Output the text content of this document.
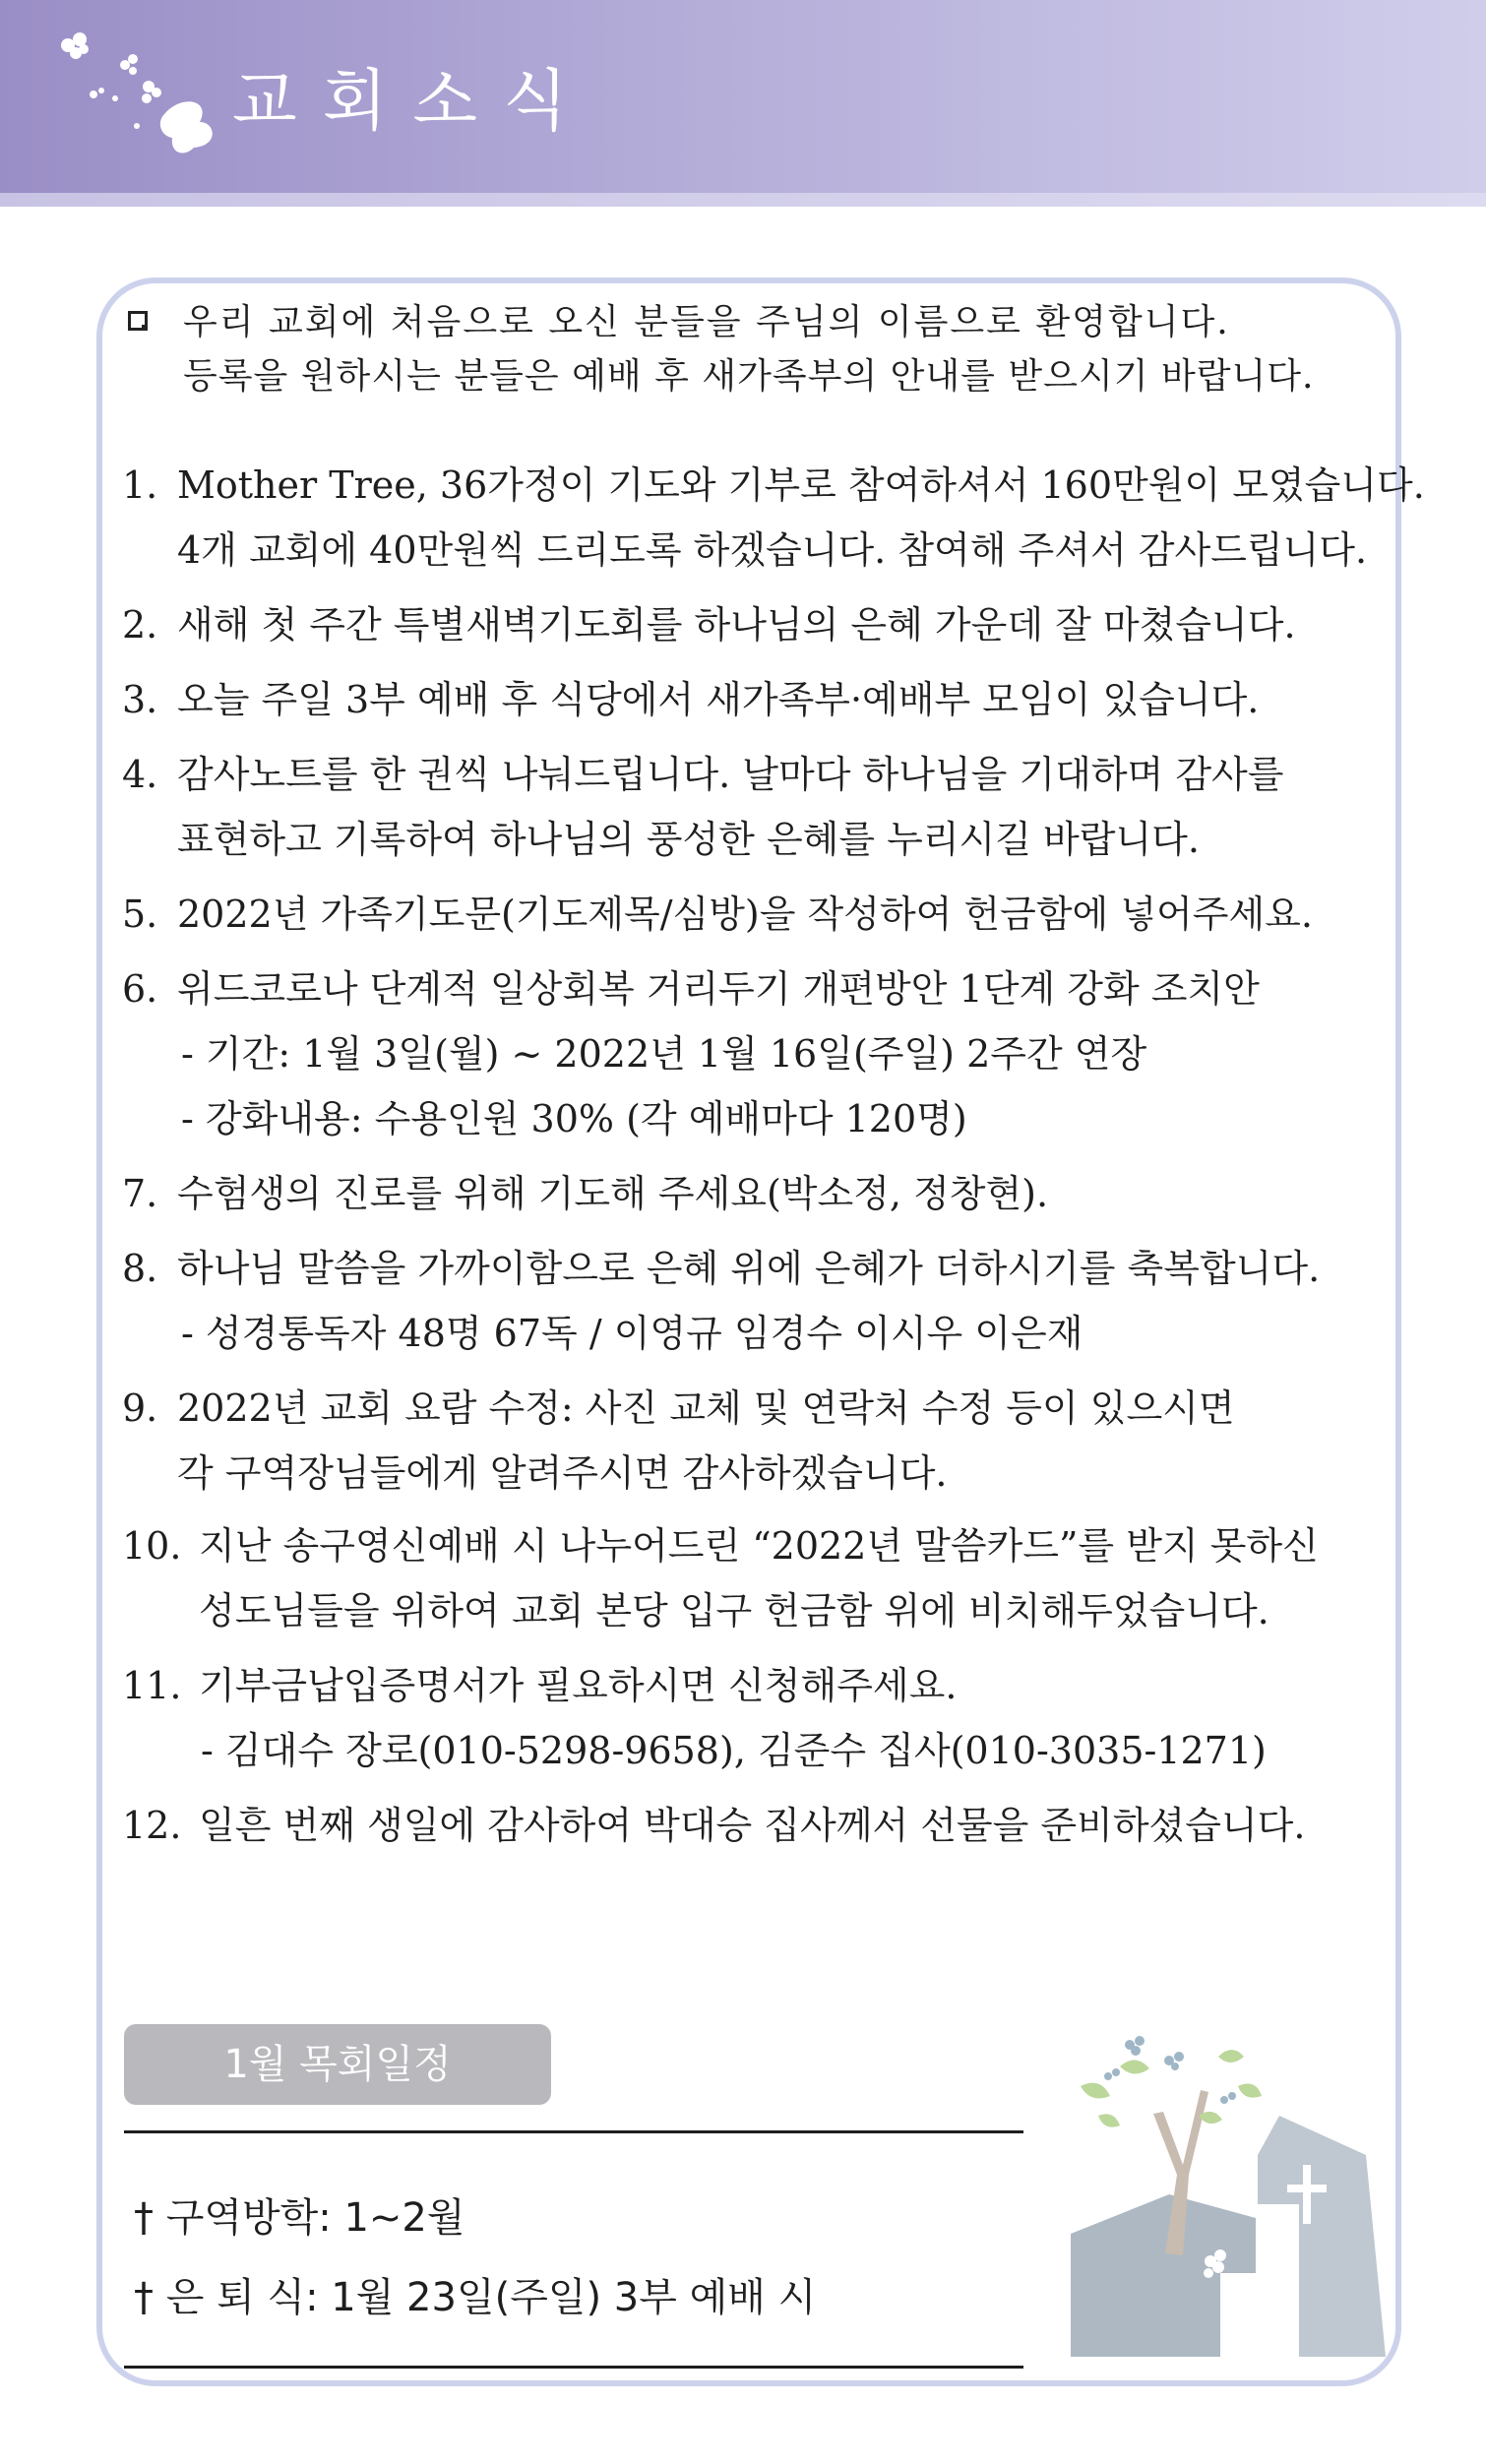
교회소식
우리 교회에 처음으로 오신 분들을 주님의 이름으로 환영합니다.
등록을 원하시는 분들은 예배 후 새가족부의 안내를 받으시기 바랍니다.
1. Mother Tree, 36가정이 기도와 기부로 참여하셔서 160만원이 모였습니다.
4개 교회에 40만원씩 드리도록 하겠습니다. 참여해 주셔서 감사드립니다.
2. 새해 첫 주간 특별새벽기도회를 하나님의 은혜 가운데 잘 마쳤습니다.
3. 오늘 주일 3부 예배 후 식당에서 새가족부·예배부 모임이 있습니다.
4. 감사노트를 한 권씩 나눠드립니다. 날마다 하나님을 기대하며 감사를
표현하고 기록하여 하나님의 풍성한 은혜를 누리시길 바랍니다.
5. 2022년 가족기도문(기도제목/심방)을 작성하여 헌금함에 넣어주세요.
6. 위드코로나 단계적 일상회복 거리두기 개편방안 1단계 강화 조치안
- 기간: 1월 3일(월) ~ 2022년 1월 16일(주일) 2주간 연장
- 강화내용: 수용인원 30% (각 예배마다 120명)
7. 수험생의 진로를 위해 기도해 주세요(박소정, 정창현).
8. 하나님 말씀을 가까이함으로 은혜 위에 은혜가 더하시기를 축복합니다.
- 성경통독자 48명 67독 / 이영규 임경수 이시우 이은재
9. 2022년 교회 요람 수정: 사진 교체 및 연락처 수정 등이 있으시면
각 구역장님들에게 알려주시면 감사하겠습니다.
10. 지난 송구영신예배 시 나누어드린 “2022년 말씀카드”를 받지 못하신
성도님들을 위하여 교회 본당 입구 헌금함 위에 비치해두었습니다.
11. 기부금납입증명서가 필요하시면 신청해주세요.
- 김대수 장로(010-5298-9658), 김준수 집사(010-3035-1271)
12. 일흔 번째 생일에 감사하여 박대승 집사께서 선물을 준비하셨습니다.
1월 목회일정
† 구역방학: 1~2월
† 은 퇴 식: 1월 23일(주일) 3부 예배 시
